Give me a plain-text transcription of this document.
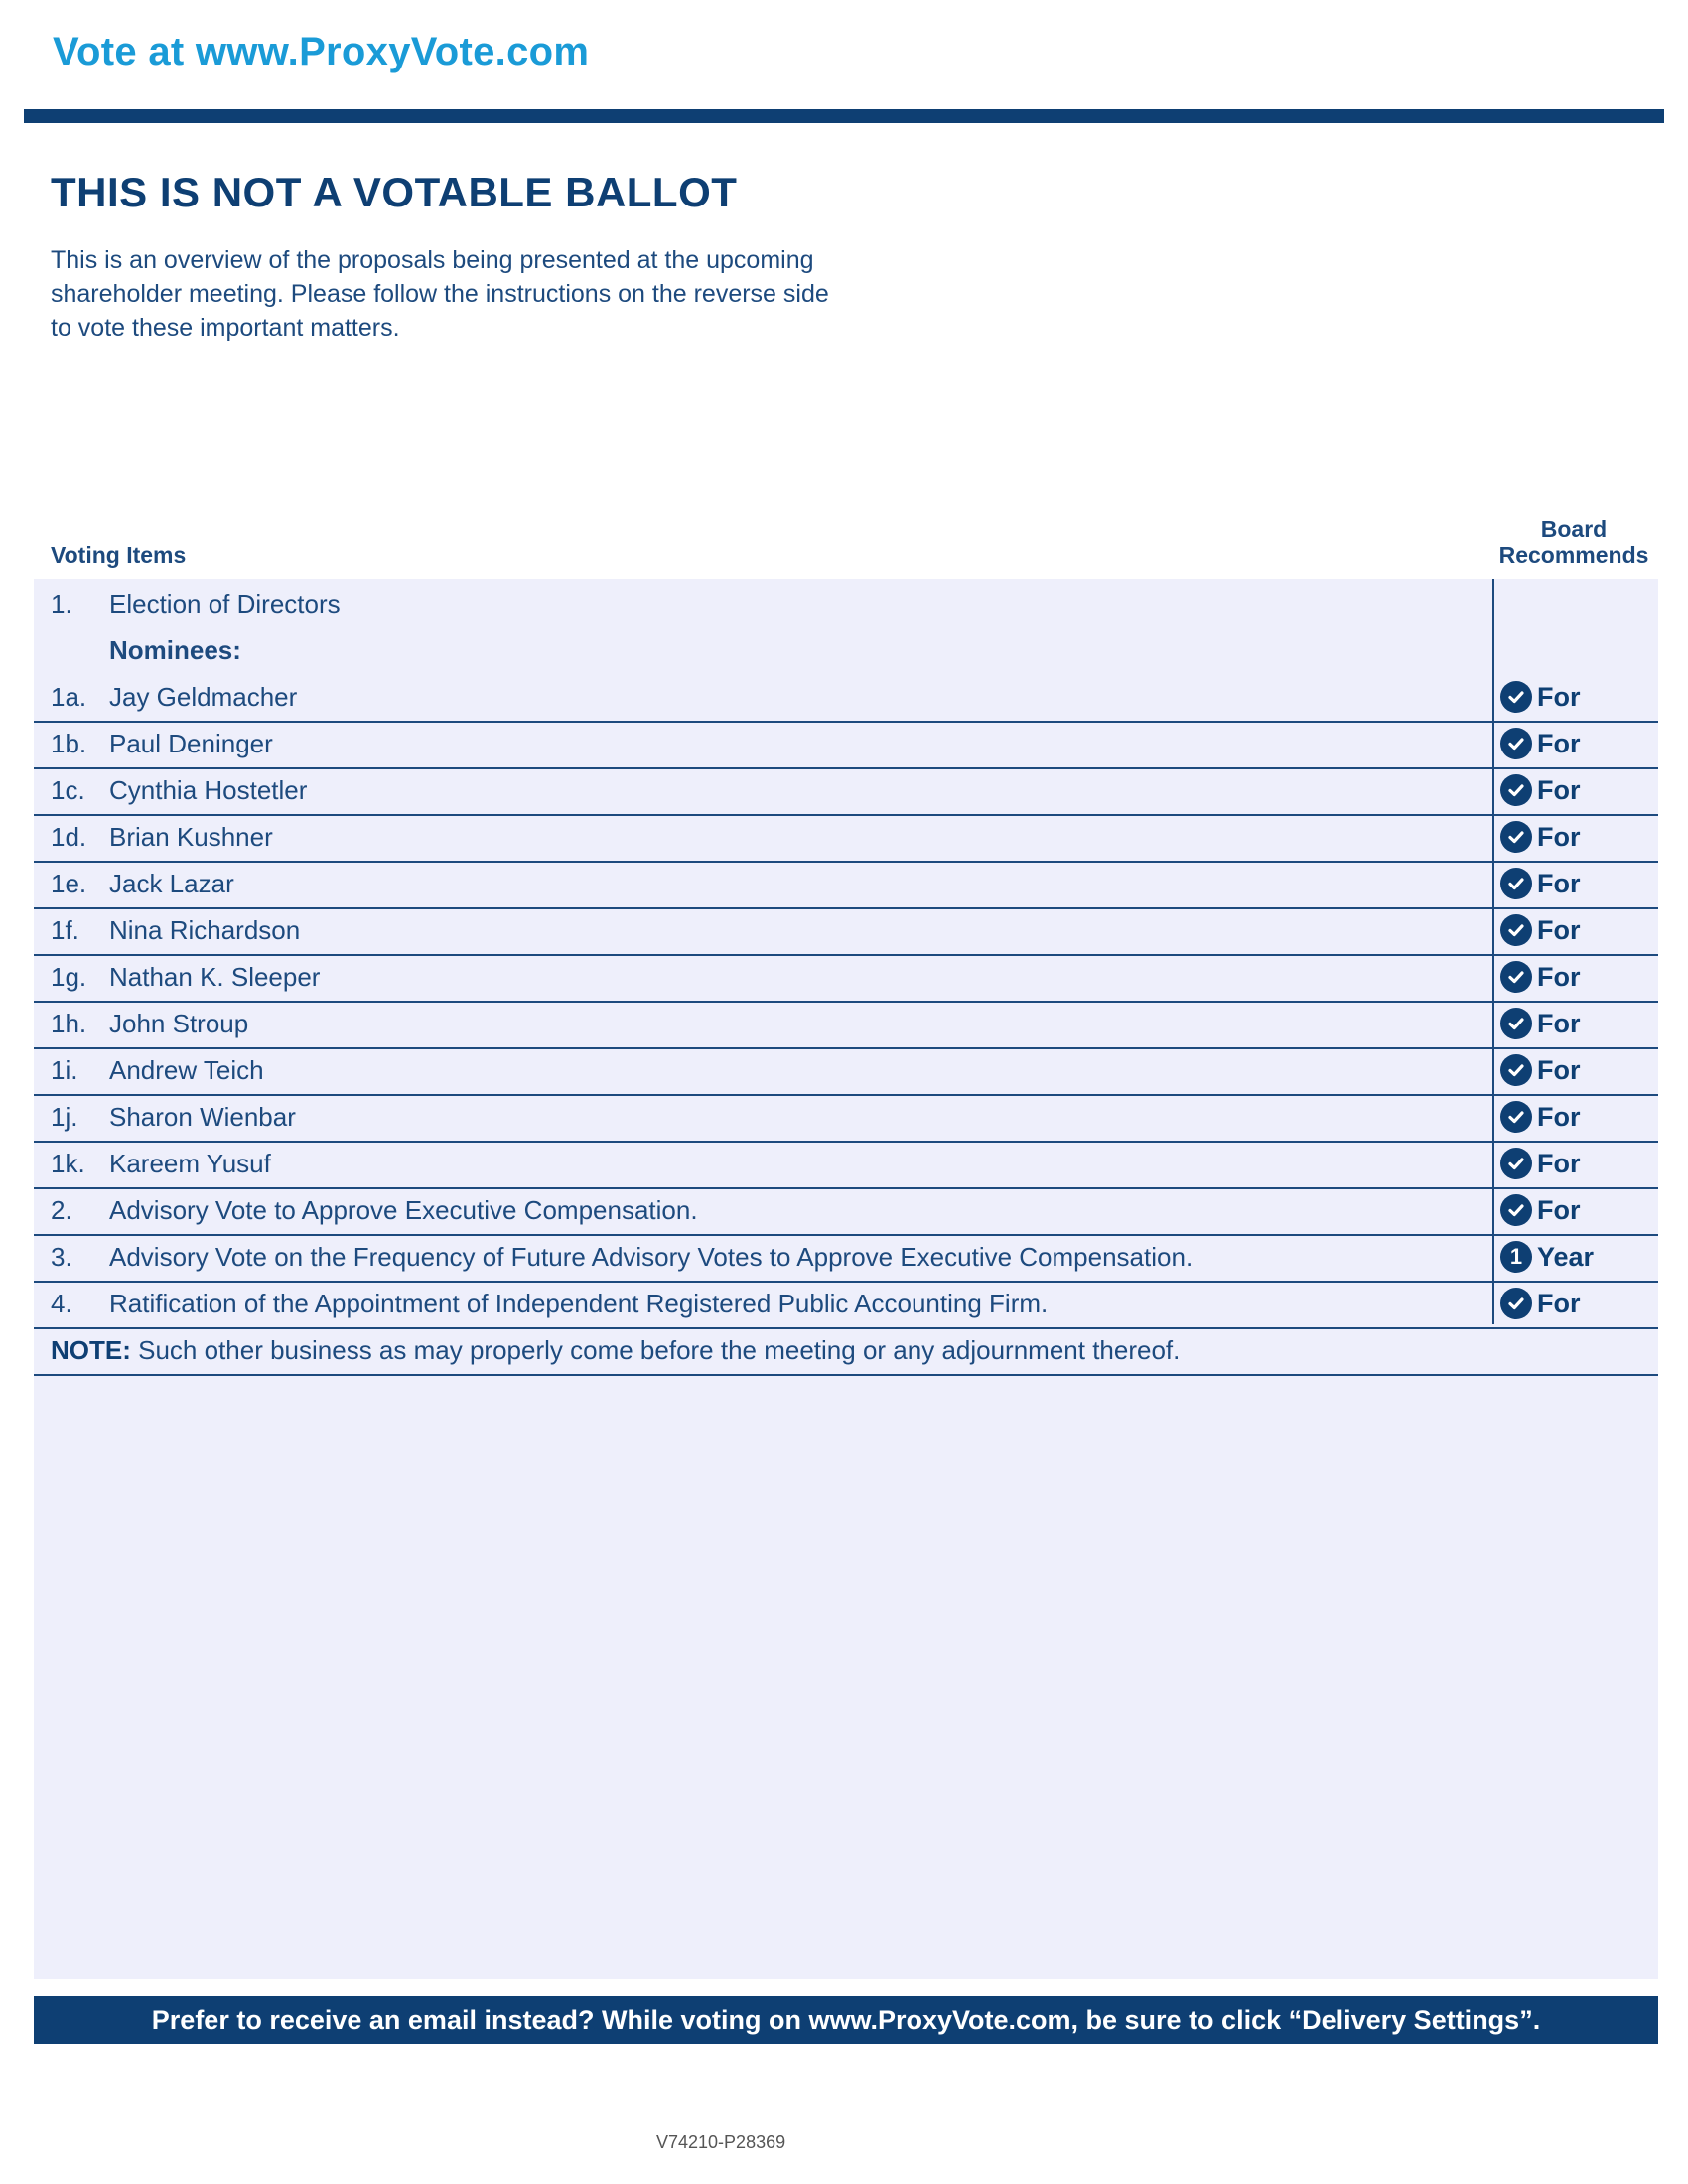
Vote at www.ProxyVote.com
THIS IS NOT A VOTABLE BALLOT
This is an overview of the proposals being presented at the upcoming shareholder meeting. Please follow the instructions on the reverse side to vote these important matters.
Voting Items
Board
Recommends
1. Election of Directors
Nominees:
1a. Jay Geldmacher	For
1b. Paul Deninger	For
1c. Cynthia Hostetler	For
1d. Brian Kushner	For
1e. Jack Lazar	For
1f. Nina Richardson	For
1g. Nathan K. Sleeper	For
1h. John Stroup	For
1i. Andrew Teich	For
1j. Sharon Wienbar	For
1k. Kareem Yusuf	For
2. Advisory Vote to Approve Executive Compensation.	For
3. Advisory Vote on the Frequency of Future Advisory Votes to Approve Executive Compensation.	1 Year
4. Ratification of the Appointment of Independent Registered Public Accounting Firm.	For
NOTE: Such other business as may properly come before the meeting or any adjournment thereof.
Prefer to receive an email instead? While voting on www.ProxyVote.com, be sure to click “Delivery Settings”.
V74210-P28369
